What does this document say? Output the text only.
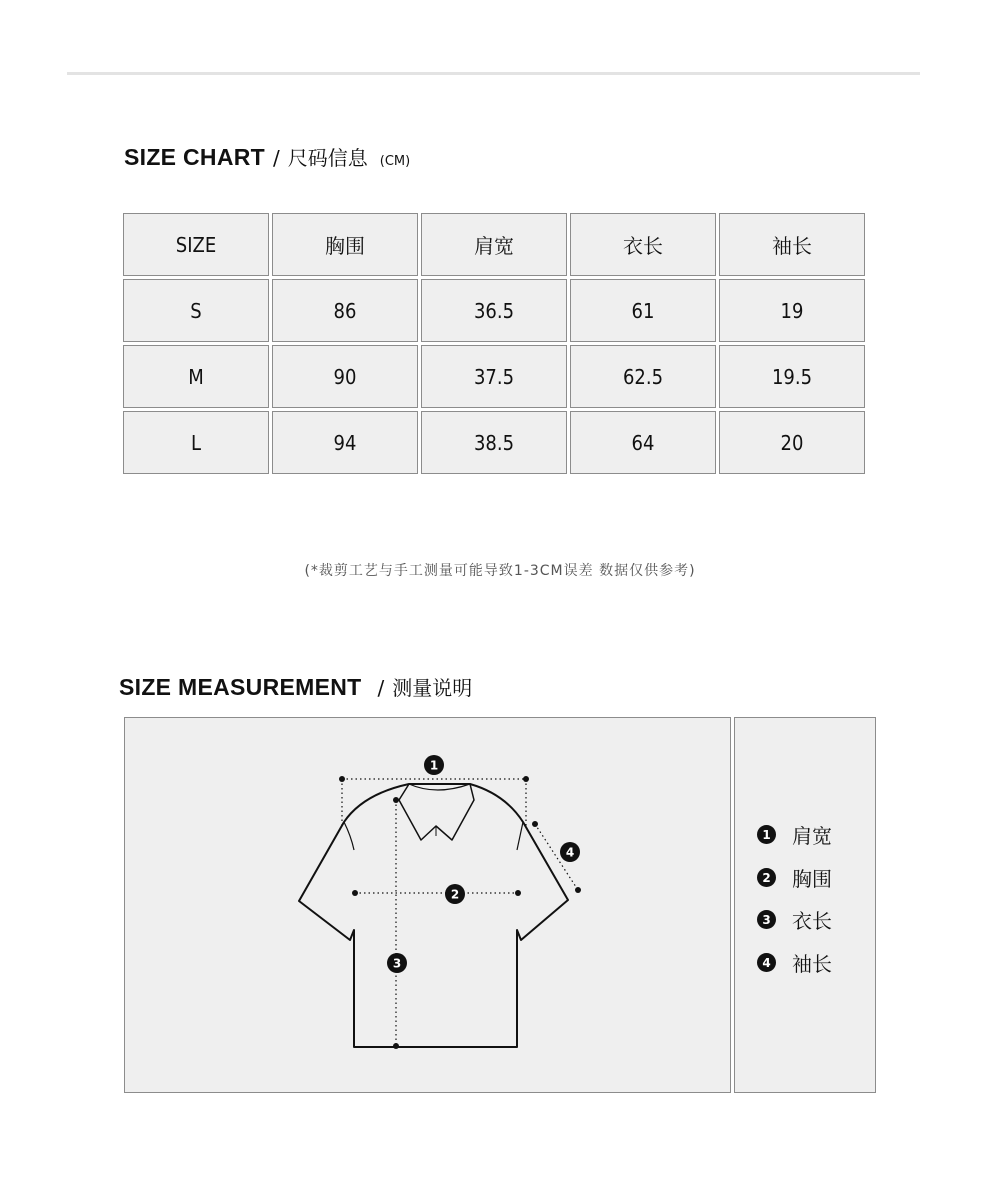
SIZE CHART / 尺码信息 (CM)
SIZE	胸围	肩宽	衣长	袖长
S	86	36.5	61	19
M	90	37.5	62.5	19.5
L	94	38.5	64	20
(*裁剪工艺与手工测量可能导致1-3CM误差 数据仅供参考)
SIZE MEASUREMENT / 测量说明
1
2
3
4
1 肩宽
2 胸围
3 衣长
4 袖长
